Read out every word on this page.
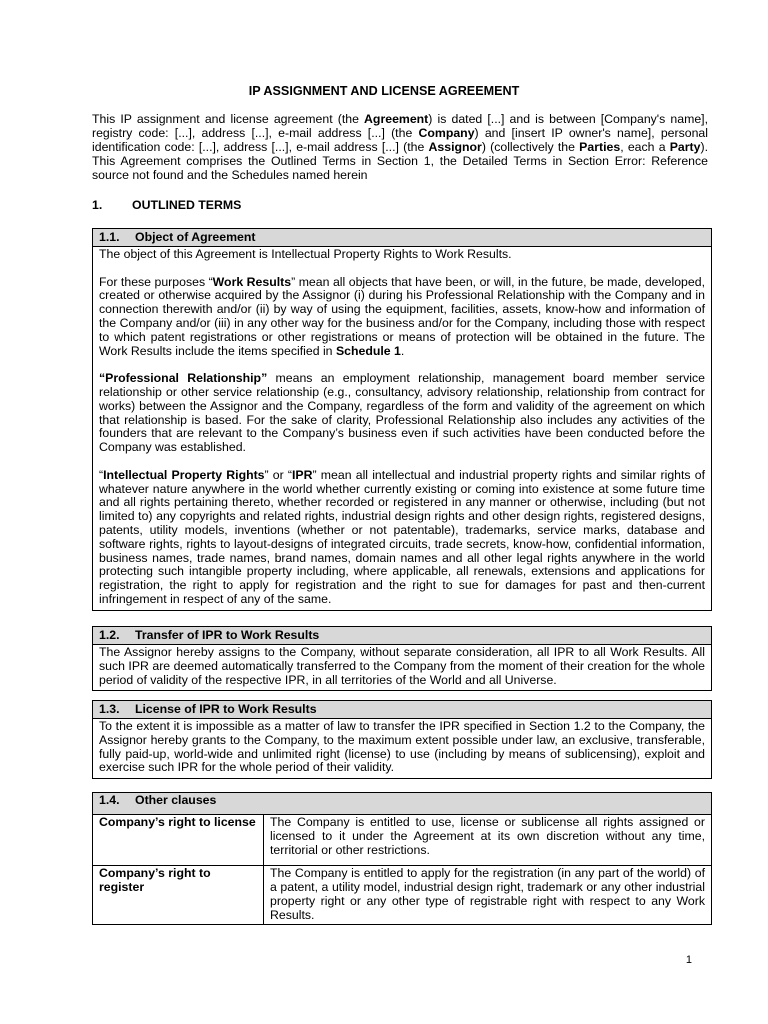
IP ASSIGNMENT AND LICENSE AGREEMENT
This IP assignment and license agreement (the Agreement) is dated [...] and is between [Company's name], registry code: [...], address [...], e-mail address [...] (the Company) and [insert IP owner's name], personal identification code: [...], address [...], e-mail address [...] (the Assignor) (collectively the Parties, each a Party). This Agreement comprises the Outlined Terms in Section 1, the Detailed Terms in Section Error: Reference source not found and the Schedules named herein
1. OUTLINED TERMS
1.1. Object of Agreement

The object of this Agreement is Intellectual Property Rights to Work Results.

For these purposes “Work Results” mean all objects that have been, or will, in the future, be made, developed, created or otherwise acquired by the Assignor (i) during his Professional Relationship with the Company and in connection therewith and/or (ii) by way of using the equipment, facilities, assets, know-how and information of the Company and/or (iii) in any other way for the business and/or for the Company, including those with respect to which patent registrations or other registrations or means of protection will be obtained in the future. The Work Results include the items specified in Schedule 1.

“Professional Relationship” means an employment relationship, management board member service relationship or other service relationship (e.g., consultancy, advisory relationship, relationship from contract for works) between the Assignor and the Company, regardless of the form and validity of the agreement on which that relationship is based. For the sake of clarity, Professional Relationship also includes any activities of the founders that are relevant to the Company’s business even if such activities have been conducted before the Company was established.

“Intellectual Property Rights” or “IPR” mean all intellectual and industrial property rights and similar rights of whatever nature anywhere in the world whether currently existing or coming into existence at some future time and all rights pertaining thereto, whether recorded or registered in any manner or otherwise, including (but not limited to) any copyrights and related rights, industrial design rights and other design rights, registered designs, patents, utility models, inventions (whether or not patentable), trademarks, service marks, database and software rights, rights to layout-designs of integrated circuits, trade secrets, know-how, confidential information, business names, trade names, brand names, domain names and all other legal rights anywhere in the world protecting such intangible property including, where applicable, all renewals, extensions and applications for registration, the right to apply for registration and the right to sue for damages for past and then-current infringement in respect of any of the same.

1.2. Transfer of IPR to Work Results
The Assignor hereby assigns to the Company, without separate consideration, all IPR to all Work Results. All such IPR are deemed automatically transferred to the Company from the moment of their creation for the whole period of validity of the respective IPR, in all territories of the World and all Universe.
1.3. License of IPR to Work Results
To the extent it is impossible as a matter of law to transfer the IPR specified in Section 1.2 to the Company, the Assignor hereby grants to the Company, to the maximum extent possible under law, an exclusive, transferable, fully paid-up, world-wide and unlimited right (license) to use (including by means of sublicensing), exploit and exercise such IPR for the whole period of their validity.
1.4. Other clauses
Company’s right to license	The Company is entitled to use, license or sublicense all rights assigned or licensed to it under the Agreement at its own discretion without any time, territorial or other restrictions.
Company’s right to register
The Company is entitled to apply for the registration (in any part of the world) of a patent, a utility model, industrial design right, trademark or any other industrial property right or any other type of registrable right with respect to any Work Results.
1
